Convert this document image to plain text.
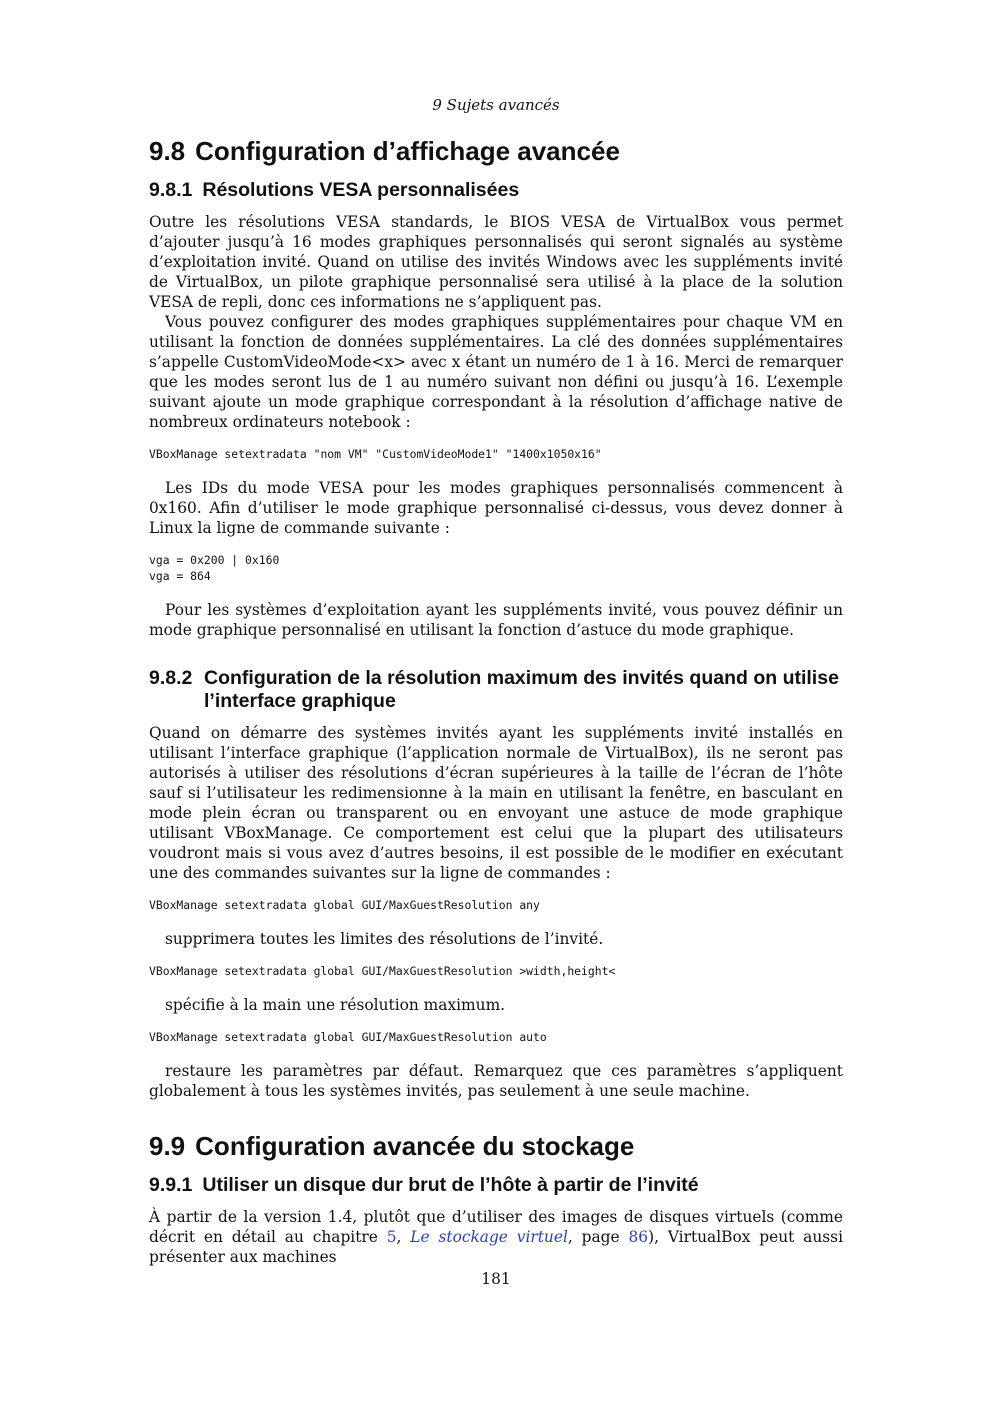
9 Sujets avancés
9.8 Configuration d’affichage avancée
9.8.1 Résolutions VESA personnalisées

Outre les résolutions VESA standards, le BIOS VESA de VirtualBox vous permet d’ajouter jusqu’à 16 modes graphiques personnalisés qui seront signalés au système d’exploitation invité. Quand on utilise des invités Windows avec les suppléments invité de VirtualBox, un pilote graphique personnalisé sera utilisé à la place de la solution VESA de repli, donc ces informations ne s’appliquent pas.

Vous pouvez configurer des modes graphiques supplémentaires pour chaque VM en utilisant la fonction de données supplémentaires. La clé des données supplémentaires s’appelle CustomVideoMode<x> avec x étant un numéro de 1 à 16. Merci de remarquer que les modes seront lus de 1 au numéro suivant non défini ou jusqu’à 16. L’exemple suivant ajoute un mode graphique correspondant à la résolution d’affichage native de nombreux ordinateurs notebook :

VBoxManage setextradata "nom VM" "CustomVideoMode1" "1400x1050x16"

Les IDs du mode VESA pour les modes graphiques personnalisés commencent à 0x160. Afin d’utiliser le mode graphique personnalisé ci-dessus, vous devez donner à Linux la ligne de commande suivante :

vga = 0x200 | 0x160
vga = 864

Pour les systèmes d’exploitation ayant les suppléments invité, vous pouvez définir un mode graphique personnalisé en utilisant la fonction d’astuce du mode graphique.

9.8.2 Configuration de la résolution maximum des invités quand on utilise l’interface graphique

Quand on démarre des systèmes invités ayant les suppléments invité installés en utilisant l’interface graphique (l’application normale de VirtualBox), ils ne seront pas autorisés à utiliser des résolutions d’écran supérieures à la taille de l’écran de l’hôte sauf si l’utilisateur les redimensionne à la main en utilisant la fenêtre, en basculant en mode plein écran ou transparent ou en envoyant une astuce de mode graphique utilisant VBoxManage. Ce comportement est celui que la plupart des utilisateurs voudront mais si vous avez d’autres besoins, il est possible de le modifier en exécutant une des commandes suivantes sur la ligne de commandes :

VBoxManage setextradata global GUI/MaxGuestResolution any

supprimera toutes les limites des résolutions de l’invité.

VBoxManage setextradata global GUI/MaxGuestResolution >width,height<

spécifie à la main une résolution maximum.

VBoxManage setextradata global GUI/MaxGuestResolution auto

restaure les paramètres par défaut. Remarquez que ces paramètres s’appliquent globalement à tous les systèmes invités, pas seulement à une seule machine.

9.9 Configuration avancée du stockage
9.9.1 Utiliser un disque dur brut de l’hôte à partir de l’invité

À partir de la version 1.4, plutôt que d’utiliser des images de disques virtuels (comme décrit en détail au chapitre 5, Le stockage virtuel, page 86), VirtualBox peut aussi présenter aux machines

181
